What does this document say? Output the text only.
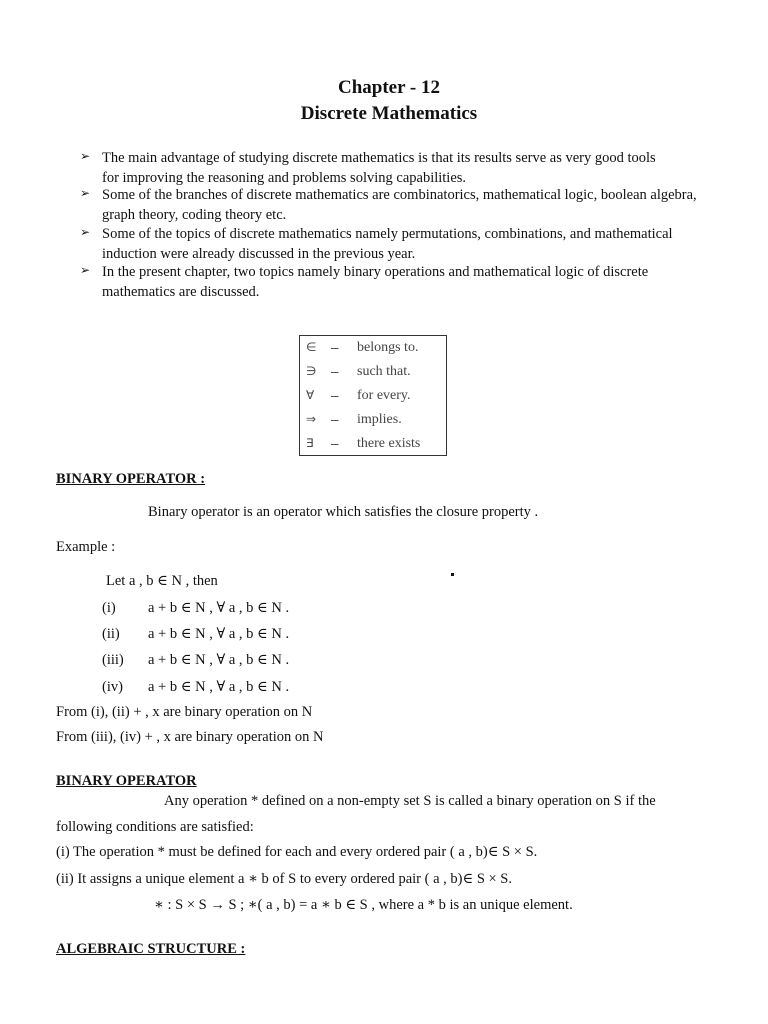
Chapter - 12
Discrete Mathematics
➢ The main advantage of studying discrete mathematics is that its results serve as very good tools
for improving the reasoning and problems solving capabilities.
➢ Some of the branches of discrete mathematics are combinatorics, mathematical logic, boolean algebra,
graph theory, coding theory etc.
➢ Some of the topics of discrete mathematics namely permutations, combinations, and mathematical
induction were already discussed in the previous year.
➢ In the present chapter, two topics namely binary operations and mathematical logic of discrete
mathematics are discussed.
∈ – belongs to.
∋ – such that.
∀ – for every.
⇒ – implies.
∃ – there exists
BINARY OPERATOR :
Binary operator is an operator which satisfies the closure property .
Example :
Let a , b ∈ N , then
(i) a + b ∈ N , ∀ a , b ∈ N .
(ii) a + b ∈ N , ∀ a , b ∈ N .
(iii) a + b ∈ N , ∀ a , b ∈ N .
(iv) a + b ∈ N , ∀ a , b ∈ N .
From (i), (ii) + , x are binary operation on N
From (iii), (iv) + , x are binary operation on N
BINARY OPERATOR
Any operation * defined on a non-empty set S is called a binary operation on S if the
following conditions are satisfied:
(i) The operation * must be defined for each and every ordered pair ( a , b)∈ S × S.
(ii) It assigns a unique element a ∗ b of S to every ordered pair ( a , b)∈ S × S.
∗ : S × S → S ; ∗( a , b) = a ∗ b ∈ S , where a * b is an unique element.
ALGEBRAIC STRUCTURE :
